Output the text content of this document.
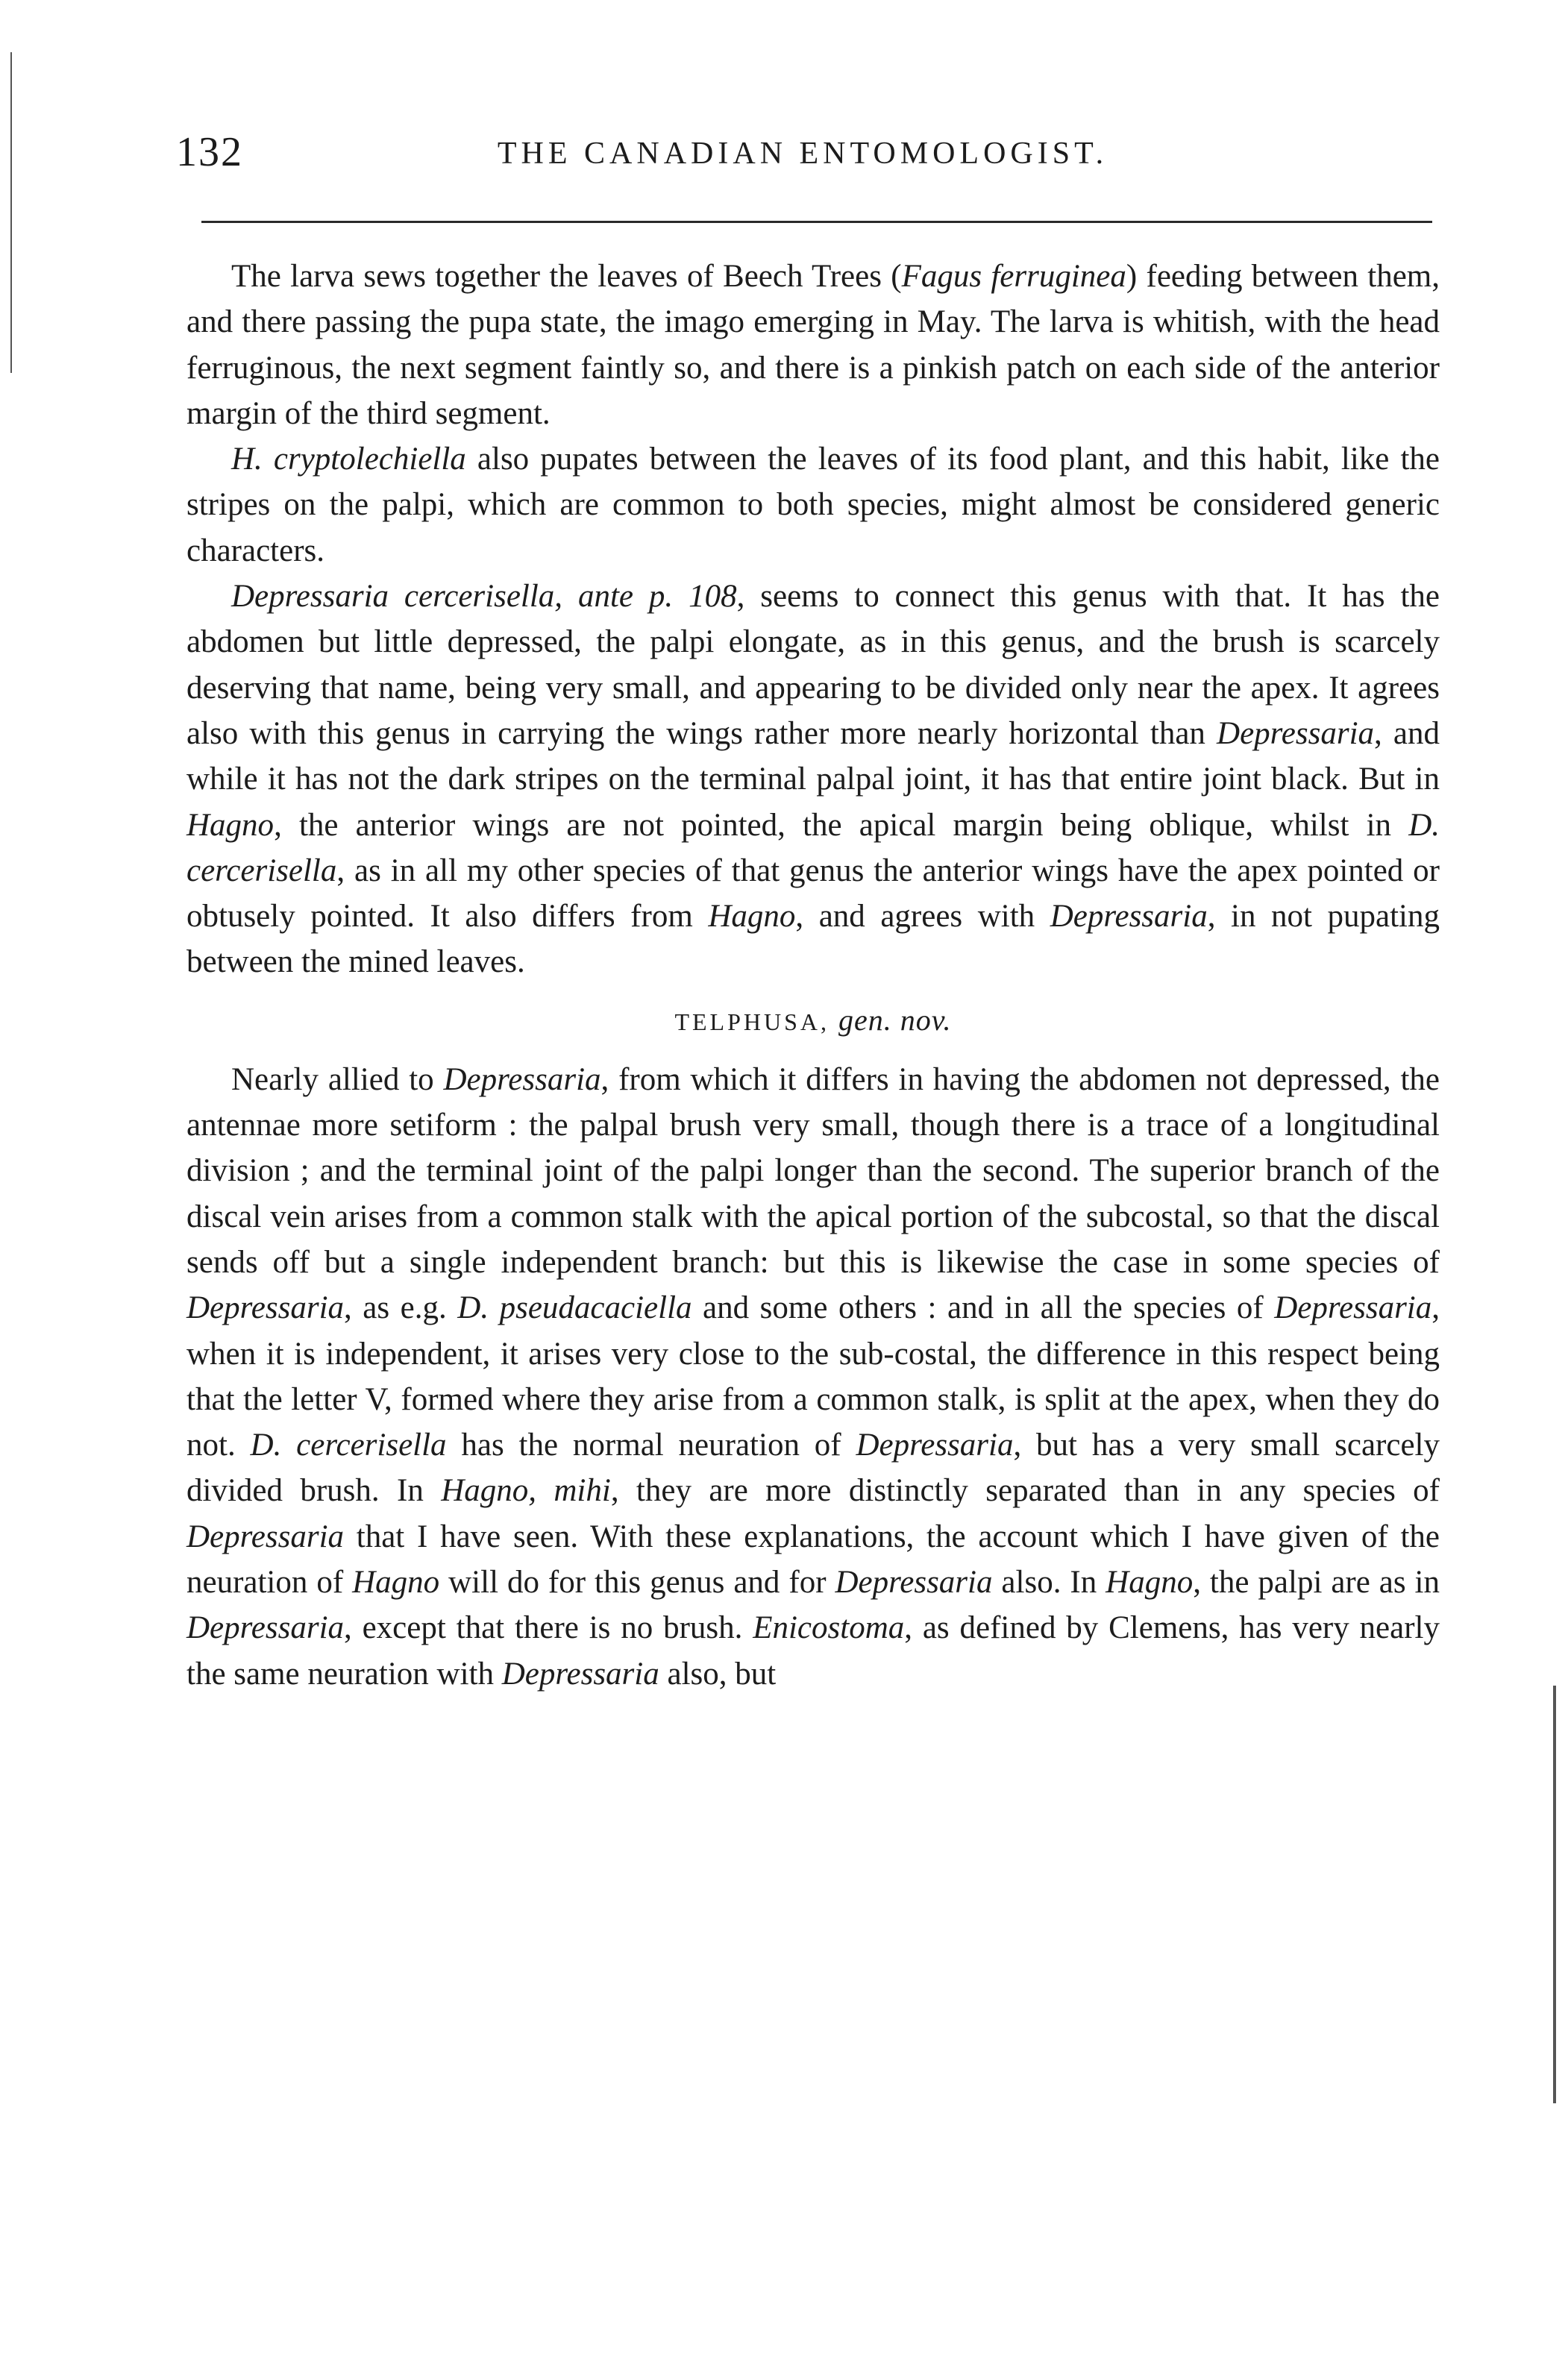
132	THE CANADIAN ENTOMOLOGIST.

The larva sews together the leaves of Beech Trees (Fagus ferruginea) feeding between them, and there passing the pupa state, the imago emerging in May. The larva is whitish, with the head ferruginous, the next segment faintly so, and there is a pinkish patch on each side of the anterior margin of the third segment.

H. cryptolechiella also pupates between the leaves of its food plant, and this habit, like the stripes on the palpi, which are common to both species, might almost be considered generic characters.

Depressaria cercerisella, ante p. 108, seems to connect this genus with that. It has the abdomen but little depressed, the palpi elongate, as in this genus, and the brush is scarcely deserving that name, being very small, and appearing to be divided only near the apex. It agrees also with this genus in carrying the wings rather more nearly horizontal than Depressaria, and while it has not the dark stripes on the terminal palpal joint, it has that entire joint black. But in Hagno, the anterior wings are not pointed, the apical margin being oblique, whilst in D. cercerisella, as in all my other species of that genus the anterior wings have the apex pointed or obtusely pointed. It also differs from Hagno, and agrees with Depressaria, in not pupating between the mined leaves.

TELPHUSA, gen. nov.

Nearly allied to Depressaria, from which it differs in having the abdomen not depressed, the antennae more setiform : the palpal brush very small, though there is a trace of a longitudinal division ; and the terminal joint of the palpi longer than the second. The superior branch of the discal vein arises from a common stalk with the apical portion of the subcostal, so that the discal sends off but a single independent branch: but this is likewise the case in some species of Depressaria, as e.g. D. pseudacaciella and some others : and in all the species of Depressaria, when it is independent, it arises very close to the sub-costal, the difference in this respect being that the letter V, formed where they arise from a common stalk, is split at the apex, when they do not. D. cercerisella has the normal neuration of Depressaria, but has a very small scarcely divided brush. In Hagno, mihi, they are more distinctly separated than in any species of Depressaria that I have seen. With these explanations, the account which I have given of the neuration of Hagno will do for this genus and for Depressaria also. In Hagno, the palpi are as in Depressaria, except that there is no brush. Enicostoma, as defined by Clemens, has very nearly the same neuration with Depressaria also, but
